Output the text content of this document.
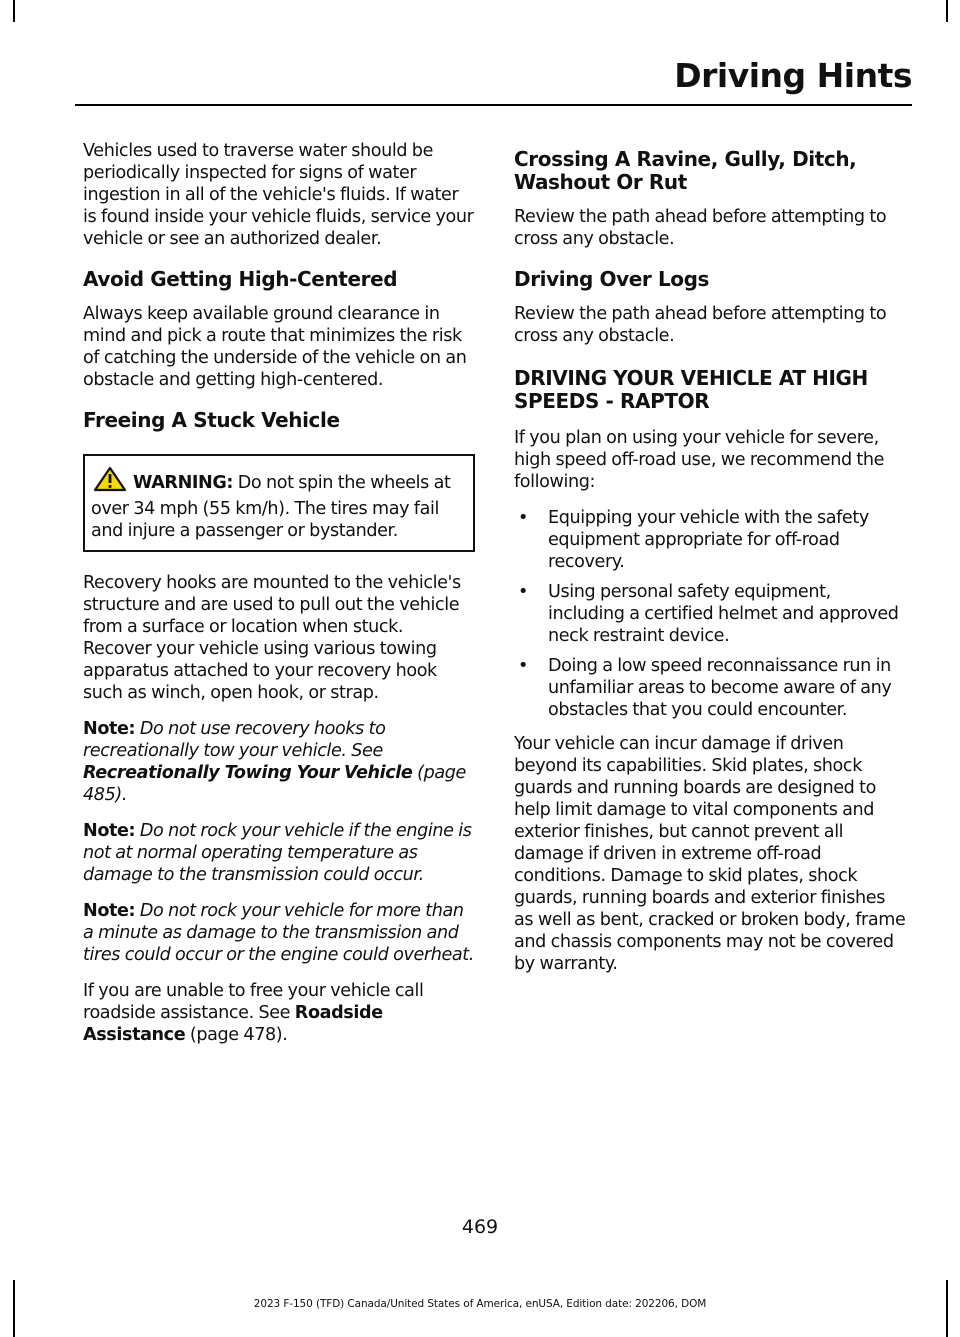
Driving Hints

Vehicles used to traverse water should be periodically inspected for signs of water ingestion in all of the vehicle's fluids. If water is found inside your vehicle fluids, service your vehicle or see an authorized dealer.

Avoid Getting High-Centered

Always keep available ground clearance in mind and pick a route that minimizes the risk of catching the underside of the vehicle on an obstacle and getting high-centered.

Freeing A Stuck Vehicle

WARNING: Do not spin the wheels at over 34 mph (55 km/h). The tires may fail and injure a passenger or bystander.

Recovery hooks are mounted to the vehicle's structure and are used to pull out the vehicle from a surface or location when stuck. Recover your vehicle using various towing apparatus attached to your recovery hook such as winch, open hook, or strap.

Note: Do not use recovery hooks to recreationally tow your vehicle. See Recreationally Towing Your Vehicle (page 485).

Note: Do not rock your vehicle if the engine is not at normal operating temperature as damage to the transmission could occur.

Note: Do not rock your vehicle for more than a minute as damage to the transmission and tires could occur or the engine could overheat.

If you are unable to free your vehicle call roadside assistance. See Roadside Assistance (page 478).

Crossing A Ravine, Gully, Ditch, Washout Or Rut

Review the path ahead before attempting to cross any obstacle.

Driving Over Logs

Review the path ahead before attempting to cross any obstacle.

DRIVING YOUR VEHICLE AT HIGH SPEEDS - RAPTOR

If you plan on using your vehicle for severe, high speed off-road use, we recommend the following:

• Equipping your vehicle with the safety equipment appropriate for off-road recovery.
• Using personal safety equipment, including a certified helmet and approved neck restraint device.
• Doing a low speed reconnaissance run in unfamiliar areas to become aware of any obstacles that you could encounter.

Your vehicle can incur damage if driven beyond its capabilities. Skid plates, shock guards and running boards are designed to help limit damage to vital components and exterior finishes, but cannot prevent all damage if driven in extreme off-road conditions. Damage to skid plates, shock guards, running boards and exterior finishes as well as bent, cracked or broken body, frame and chassis components may not be covered by warranty.

469
2023 F-150 (TFD) Canada/United States of America, enUSA, Edition date: 202206, DOM
